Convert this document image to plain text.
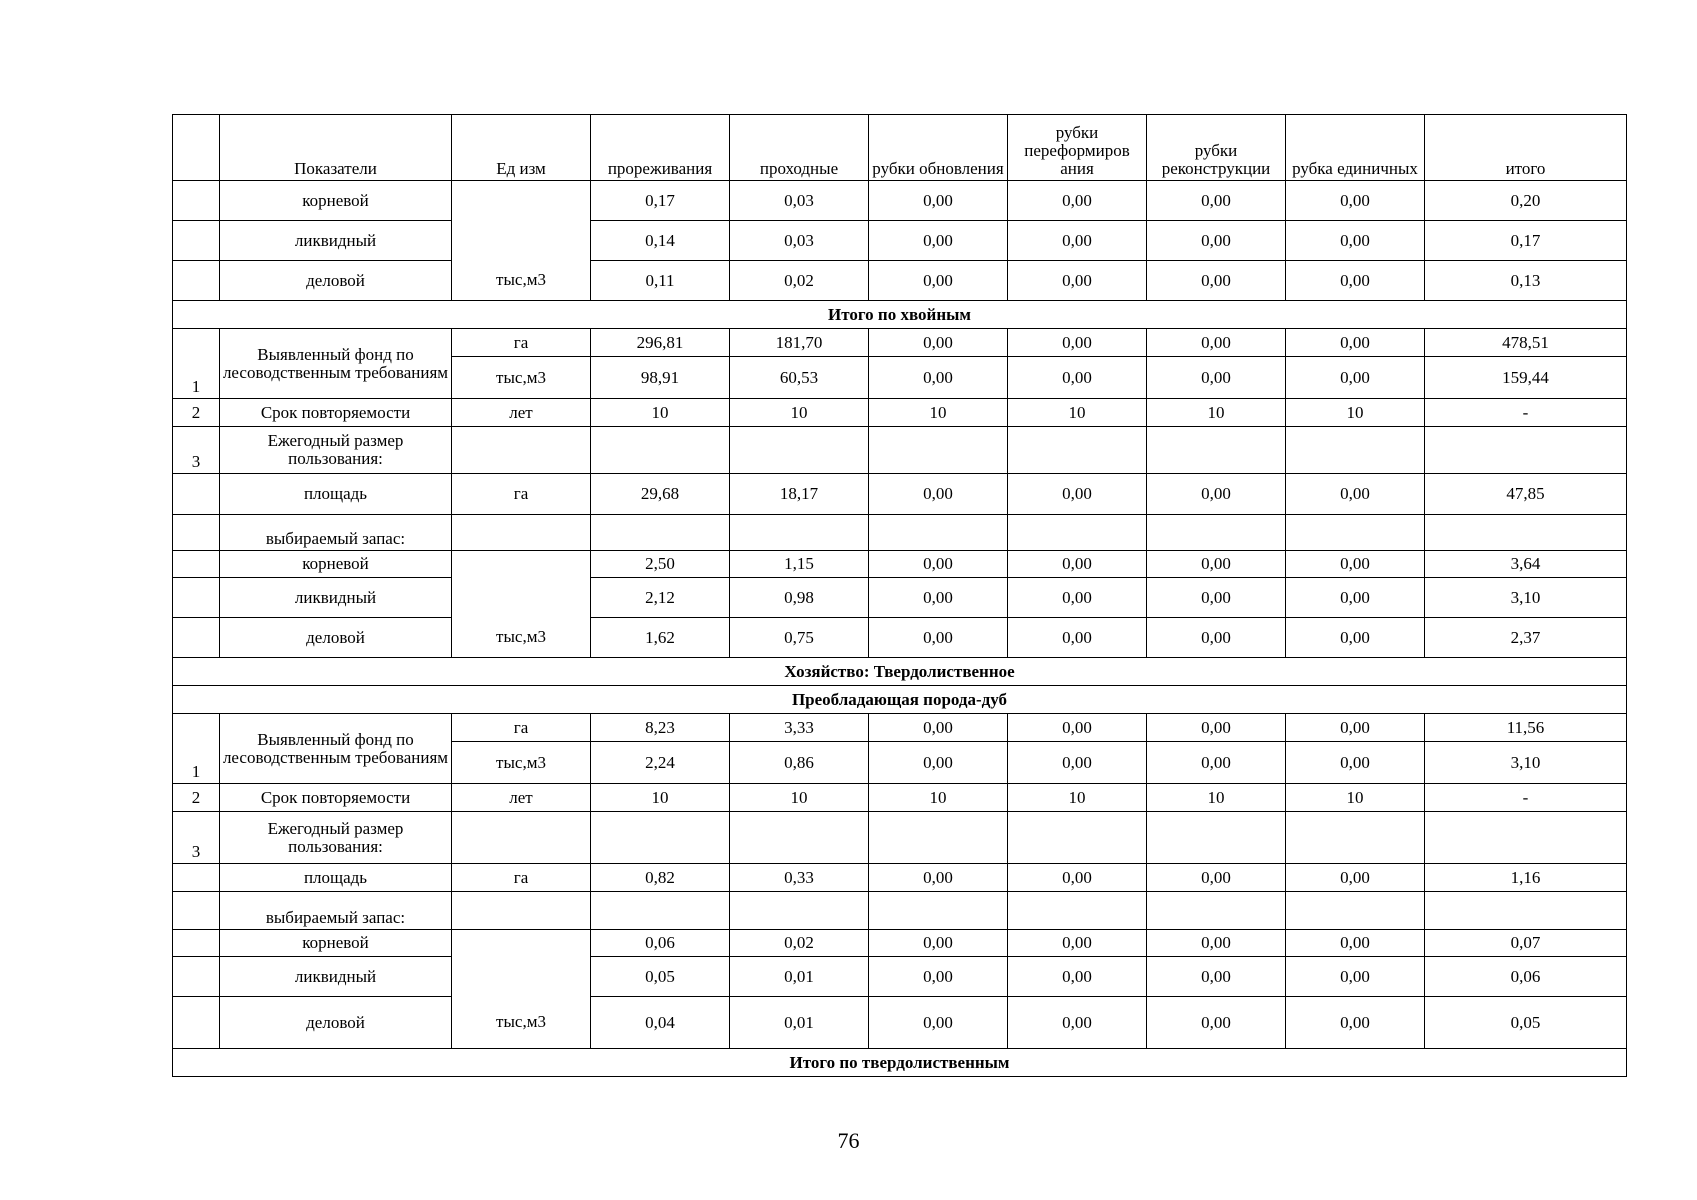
	Показатели	Ед изм	прореживания	проходные	рубки обновления	рубки переформиров ания	рубки реконструкции	рубка единичных	итого
	корневой		0,17	0,03	0,00	0,00	0,00	0,00	0,20
	ликвидный		0,14	0,03	0,00	0,00	0,00	0,00	0,17
	деловой	тыс,м3	0,11	0,02	0,00	0,00	0,00	0,00	0,13
Итого по хвойным									
1	Выявленный фонд по лесоводственным требованиям	га	296,81	181,70	0,00	0,00	0,00	0,00	478,51
		тыс,м3	98,91	60,53	0,00	0,00	0,00	0,00	159,44
2	Срок повторяемости	лет	10	10	10	10	10	10	-
3	Ежегодный размер пользования:								
	площадь	га	29,68	18,17	0,00	0,00	0,00	0,00	47,85
	выбираемый запас:								
	корневой		2,50	1,15	0,00	0,00	0,00	0,00	3,64
	ликвидный		2,12	0,98	0,00	0,00	0,00	0,00	3,10
	деловой	тыс,м3	1,62	0,75	0,00	0,00	0,00	0,00	2,37
Хозяйство: Твердолиственное									
Преобладающая порода-дуб									
1	Выявленный фонд по лесоводственным требованиям	га	8,23	3,33	0,00	0,00	0,00	0,00	11,56
		тыс,м3	2,24	0,86	0,00	0,00	0,00	0,00	3,10
2	Срок повторяемости	лет	10	10	10	10	10	10	-
3	Ежегодный размер пользования:								
	площадь	га	0,82	0,33	0,00	0,00	0,00	0,00	1,16
	выбираемый запас:								
	корневой		0,06	0,02	0,00	0,00	0,00	0,00	0,07
	ликвидный		0,05	0,01	0,00	0,00	0,00	0,00	0,06
	деловой	тыс,м3	0,04	0,01	0,00	0,00	0,00	0,00	0,05
Итого по твердолиственным									
76
